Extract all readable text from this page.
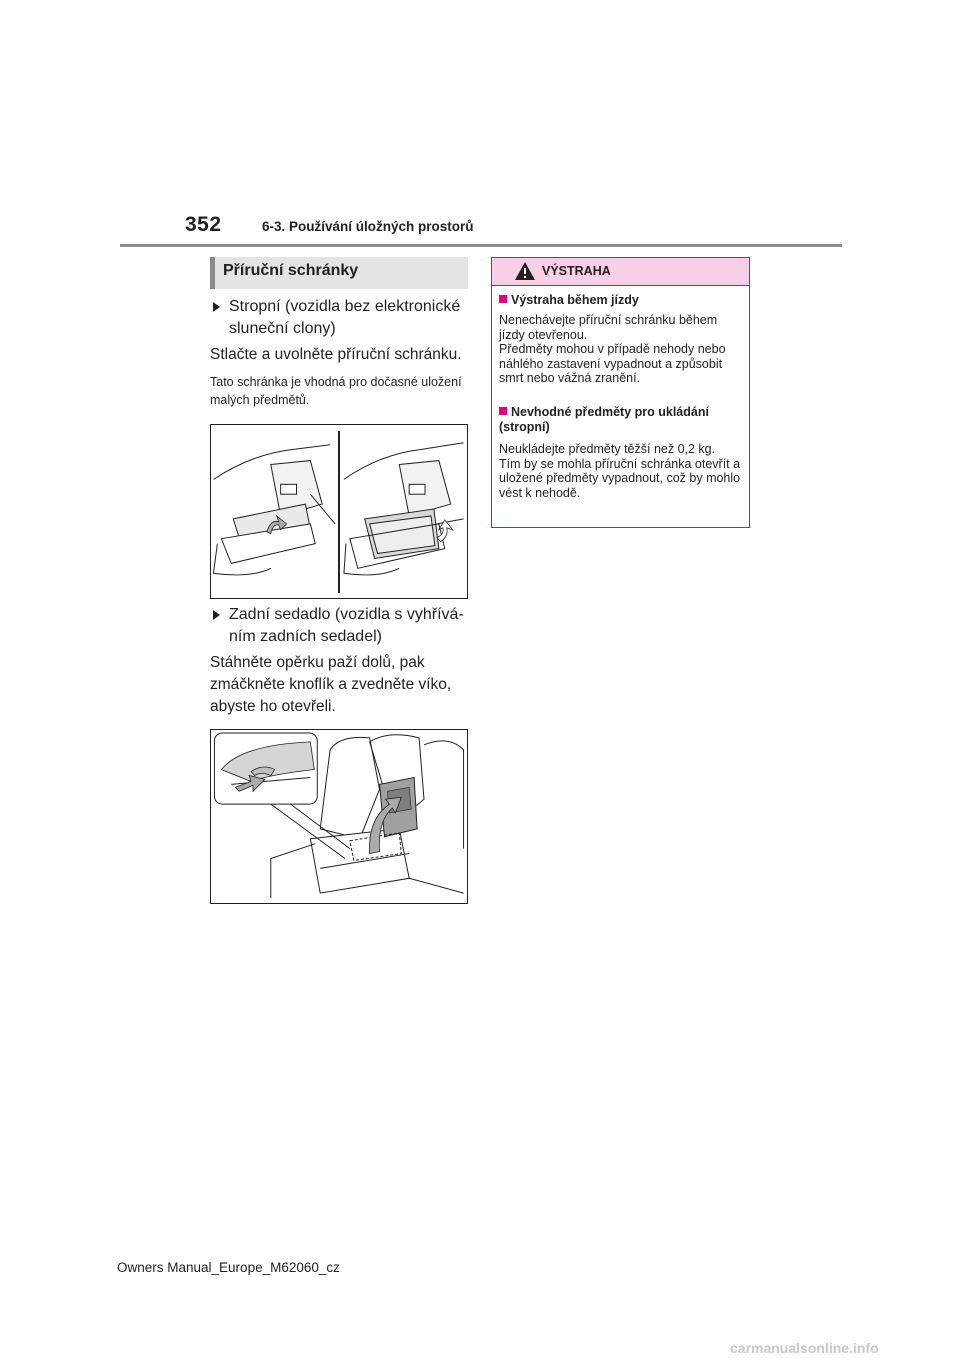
352	6-3. Používání úložných prostorů
Příruční schránky
Stropní (vozidla bez elektronické sluneční clony)
Stlačte a uvolněte příruční schránku.
Tato schránka je vhodná pro dočasné uložení malých předmětů.
Zadní sedadlo (vozidla s vyhříváním zadních sedadel)
Stáhněte opěrku paží dolů, pak zmáčkněte knoflík a zvedněte víko, abyste ho otevřeli.
VÝSTRAHA
Výstraha během jízdy
Nenechávejte příruční schránku během jízdy otevřenou.
Předměty mohou v případě nehody nebo náhlého zastavení vypadnout a způsobit smrt nebo vážná zranění.
Nevhodné předměty pro ukládání (stropní)
Neukládejte předměty těžší než 0,2 kg.
Tím by se mohla příruční schránka otevřít a uložené předměty vypadnout, což by mohlo vést k nehodě.
Owners Manual_Europe_M62060_cz
carmanualsonline.info
